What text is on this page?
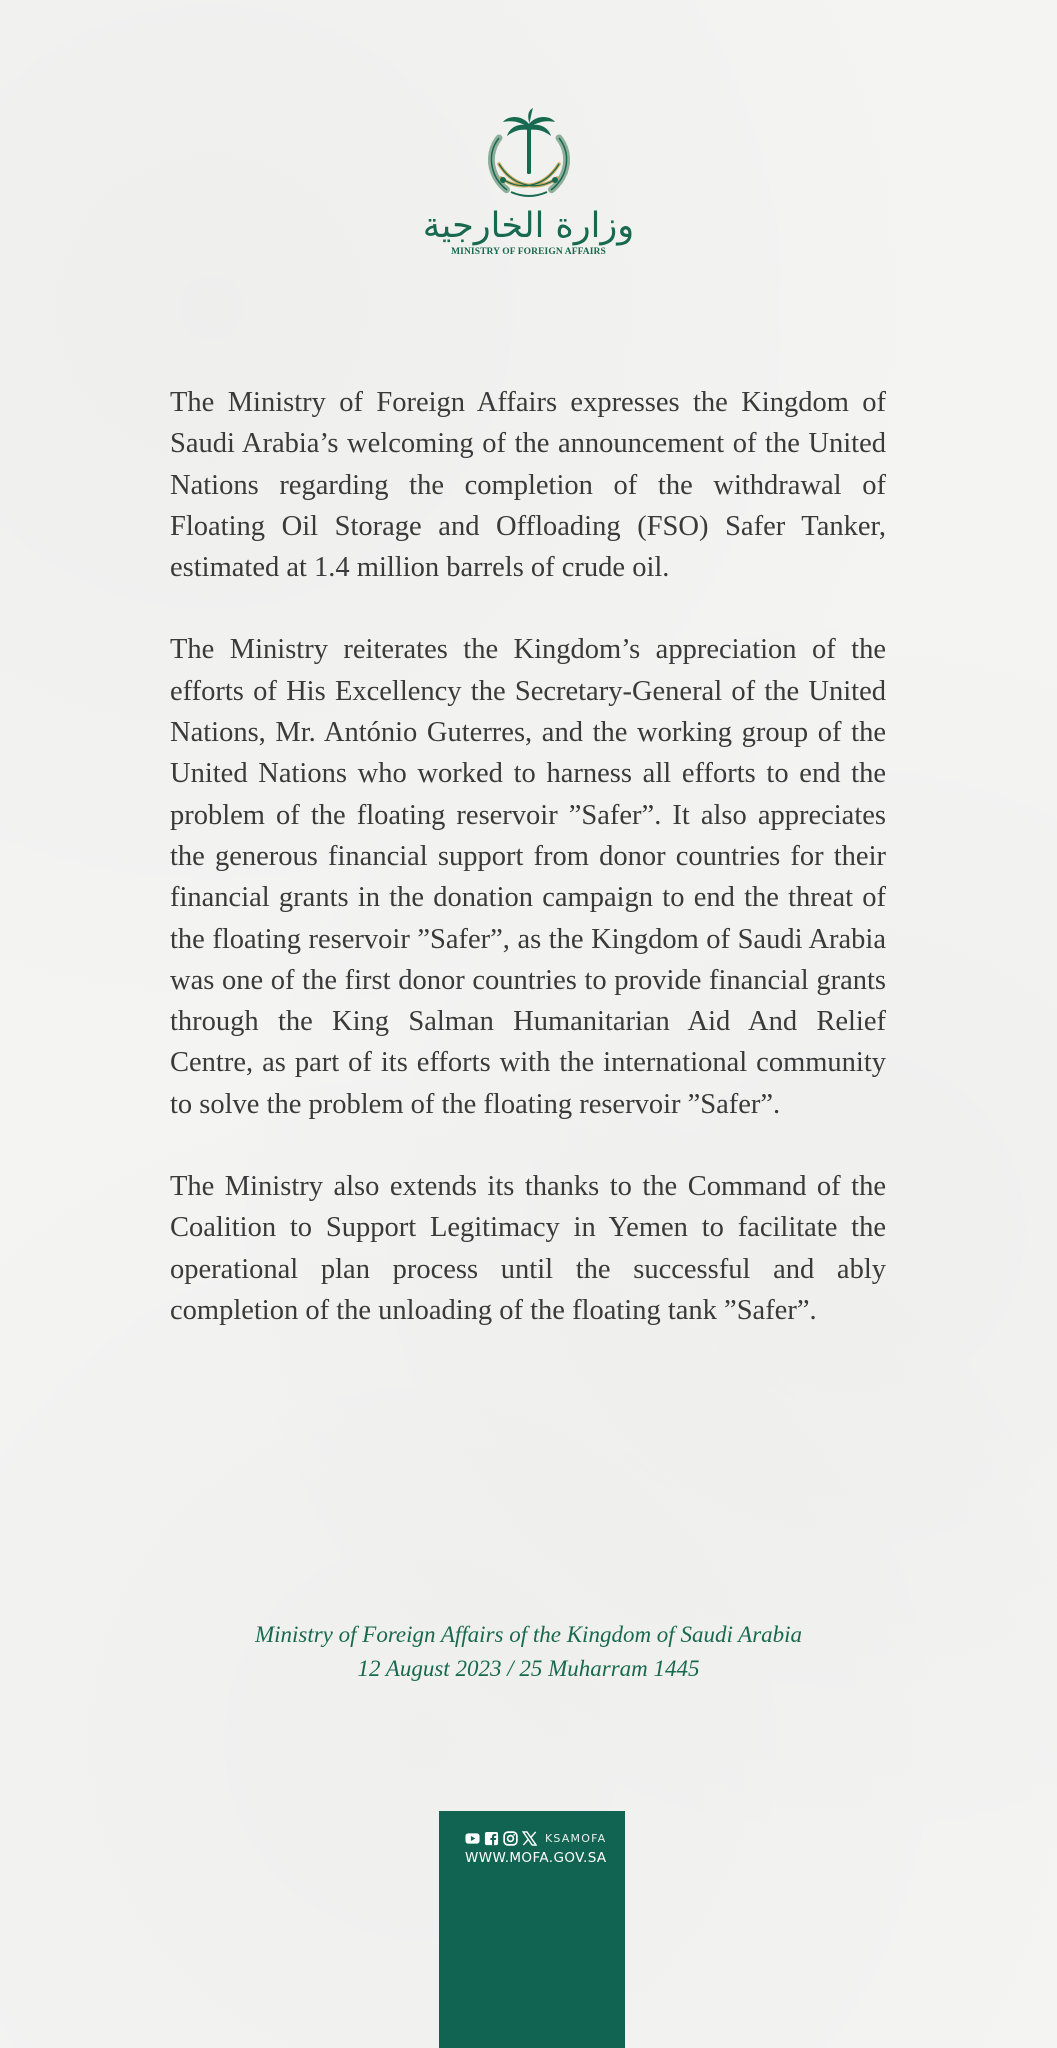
وزارة الخارجية
MINISTRY OF FOREIGN AFFAIRS

The Ministry of Foreign Affairs expresses the Kingdom of Saudi Arabia’s welcoming of the announcement of the United Nations regarding the completion of the withdrawal of Floating Oil Storage and Offloading (FSO) Safer Tanker, estimated at 1.4 million barrels of crude oil.

The Ministry reiterates the Kingdom’s appreciation of the efforts of His Excellency the Secretary-General of the United Nations, Mr. António Guterres, and the working group of the United Nations who worked to harness all efforts to end the problem of the floating reservoir ”Safer”. It also appreciates the generous financial support from donor countries for their financial grants in the donation campaign to end the threat of the floating reservoir ”Safer”, as the Kingdom of Saudi Arabia was one of the first donor countries to provide financial grants through the King Salman Humanitarian Aid And Relief Centre, as part of its efforts with the international community to solve the problem of the floating reservoir ”Safer”.

The Ministry also extends its thanks to the Command of the Coalition to Support Legitimacy in Yemen to facilitate the operational plan process until the successful and ably completion of the unloading of the floating tank ”Safer”.

Ministry of Foreign Affairs of the Kingdom of Saudi Arabia
12 August 2023 / 25 Muharram 1445
KSAMOFA
WWW.MOFA.GOV.SA
